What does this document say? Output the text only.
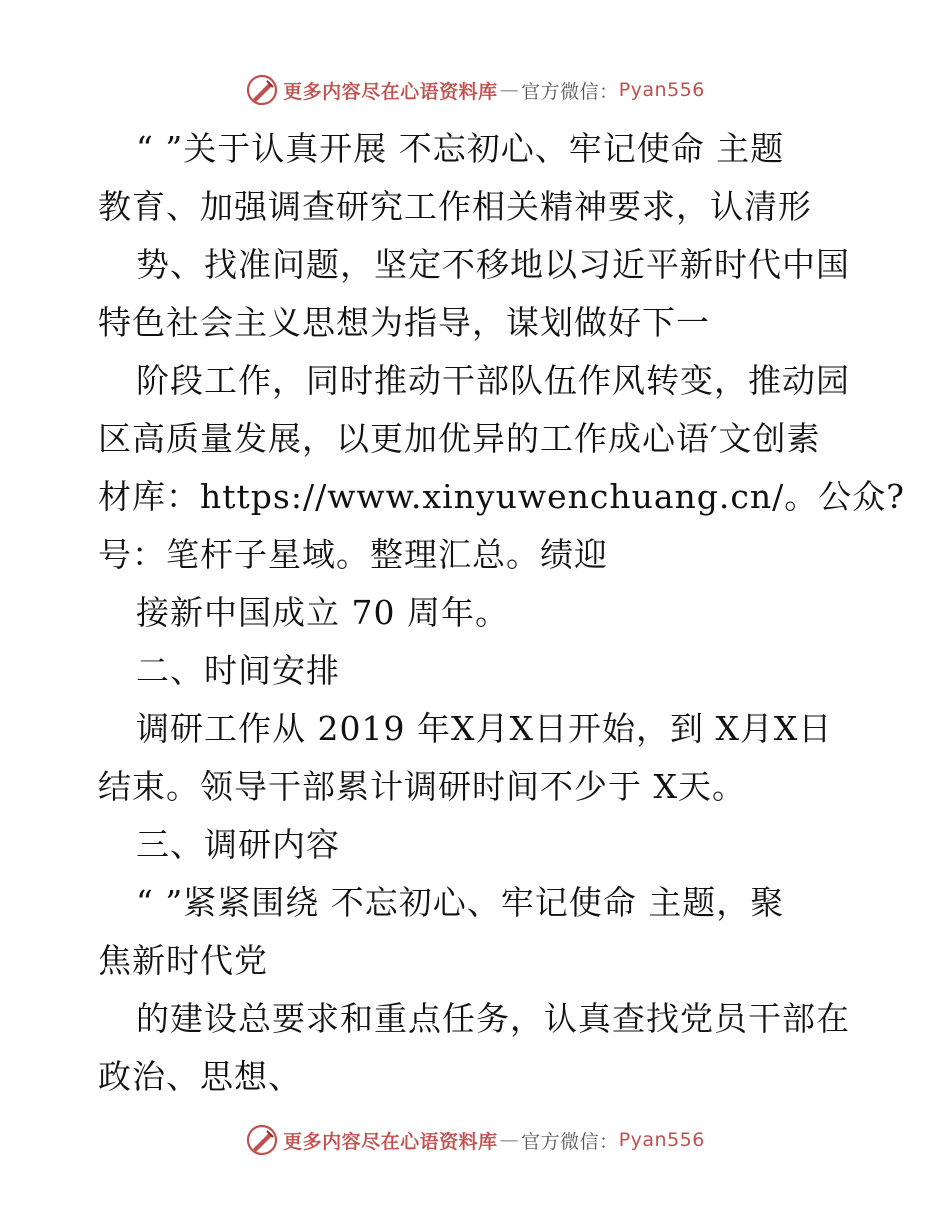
更多内容尽在心语资料库 — 官方微信： Pyan556
“ ”关于认真开展 不忘初心、牢记使命 主题
教育、加强调查研究工作相关精神要求，认清形
势、找准问题，坚定不移地以习近平新时代中国
特色社会主义思想为指导，谋划做好下一
阶段工作，同时推动干部队伍作风转变，推动园
区高质量发展，以更加优异的工作成心语′文创素
材库：https://www.xinyuwenchuang.cn/。公众?
号：笔杆子星域。整理汇总。绩迎
接新中国成立 70 周年。
二、时间安排
调研工作从 2019 年X月X日开始，到 X月X日
结束。领导干部累计调研时间不少于 X天。
三、调研内容
“ ”紧紧围绕 不忘初心、牢记使命 主题，聚
焦新时代党
的建设总要求和重点任务，认真查找党员干部在
政治、思想、
更多内容尽在心语资料库 — 官方微信： Pyan556
